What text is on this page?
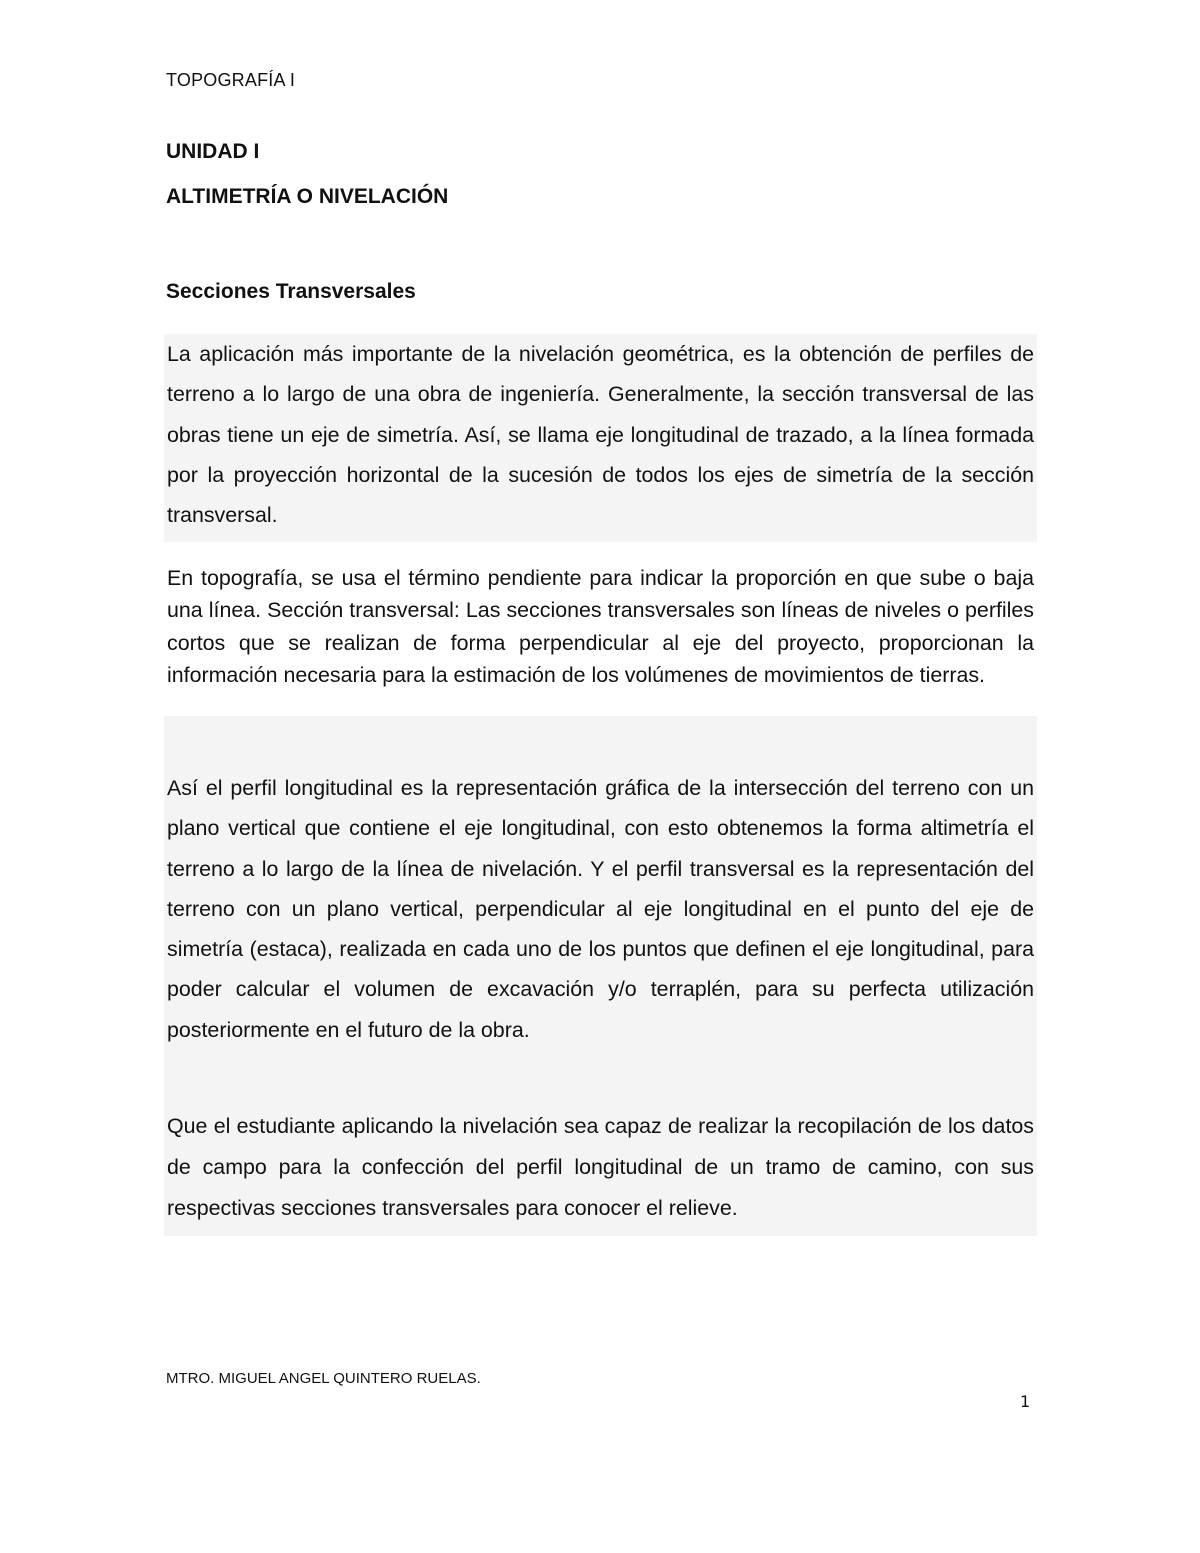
TOPOGRAFÍA I
UNIDAD I
ALTIMETRÍA O NIVELACIÓN
Secciones Transversales

La aplicación más importante de la nivelación geométrica, es la obtención de perfiles de terreno a lo largo de una obra de ingeniería. Generalmente, la sección transversal de las obras tiene un eje de simetría. Así, se llama eje longitudinal de trazado, a la línea formada por la proyección horizontal de la sucesión de todos los ejes de simetría de la sección transversal.

En topografía, se usa el término pendiente para indicar la proporción en que sube o baja una línea. Sección transversal: Las secciones transversales son líneas de niveles o perfiles cortos que se realizan de forma perpendicular al eje del proyecto, proporcionan la información necesaria para la estimación de los volúmenes de movimientos de tierras.

Así el perfil longitudinal es la representación gráfica de la intersección del terreno con un plano vertical que contiene el eje longitudinal, con esto obtenemos la forma altimetría el terreno a lo largo de la línea de nivelación. Y el perfil transversal es la representación del terreno con un plano vertical, perpendicular al eje longitudinal en el punto del eje de simetría (estaca), realizada en cada uno de los puntos que definen el eje longitudinal, para poder calcular el volumen de excavación y/o terraplén, para su perfecta utilización posteriormente en el futuro de la obra.

Que el estudiante aplicando la nivelación sea capaz de realizar la recopilación de los datos de campo para la confección del perfil longitudinal de un tramo de camino, con sus respectivas secciones transversales para conocer el relieve.

MTRO. MIGUEL ANGEL QUINTERO RUELAS.
1
